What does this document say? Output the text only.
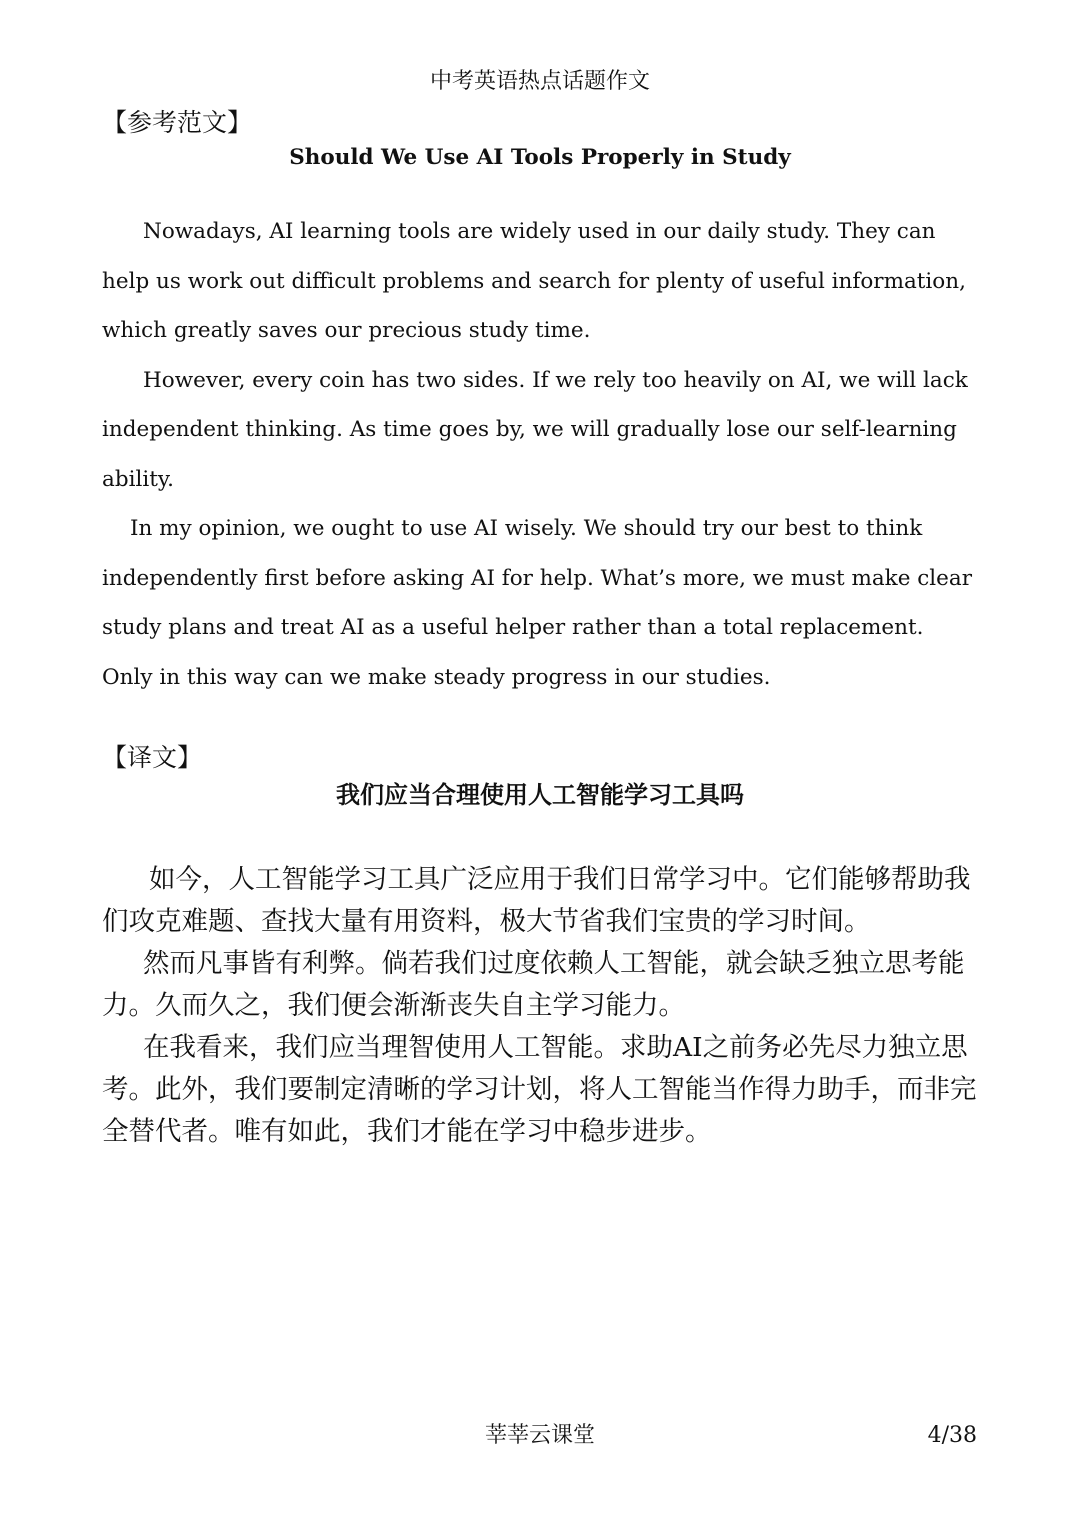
中考英语热点话题作文
【参考范文】
Should We Use AI Tools Properly in Study

Nowadays, AI learning tools are widely used in our daily study. They can help us work out difficult problems and search for plenty of useful information, which greatly saves our precious study time.

However, every coin has two sides. If we rely too heavily on AI, we will lack independent thinking. As time goes by, we will gradually lose our self-learning ability.

In my opinion, we ought to use AI wisely. We should try our best to think independently first before asking AI for help. What’s more, we must make clear study plans and treat AI as a useful helper rather than a total replacement. Only in this way can we make steady progress in our studies.

【译文】
我们应当合理使用人工智能学习工具吗

如今，人工智能学习工具广泛应用于我们日常学习中。它们能够帮助我们攻克难题、查找大量有用资料，极大节省我们宝贵的学习时间。

然而凡事皆有利弊。倘若我们过度依赖人工智能，就会缺乏独立思考能力。久而久之，我们便会渐渐丧失自主学习能力。

在我看来，我们应当理智使用人工智能。求助AI之前务必先尽力独立思考。此外，我们要制定清晰的学习计划，将人工智能当作得力助手，而非完全替代者。唯有如此，我们才能在学习中稳步进步。

莘莘云课堂	4/38
